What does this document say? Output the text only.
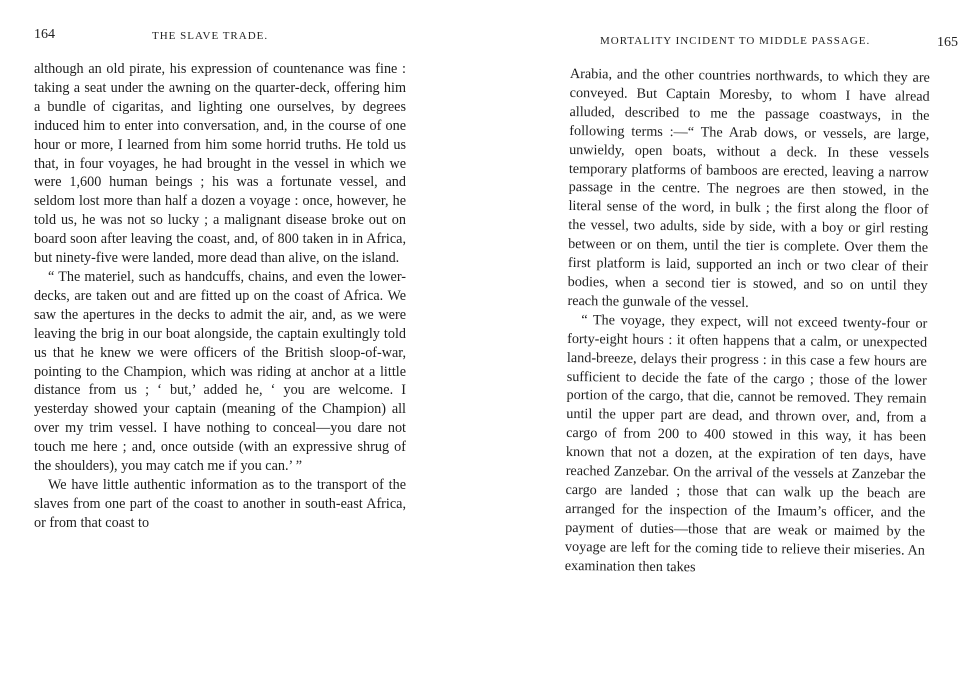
164	THE SLAVE TRADE.

although an old pirate, his expression of countenance was fine : taking a seat under the awning on the quarter-deck, offering him a bundle of cigaritas, and lighting one ourselves, by degrees induced him to enter into conversation, and, in the course of one hour or more, I learned from him some horrid truths. He told us that, in four voyages, he had brought in the vessel in which we were 1,600 human beings ; his was a fortunate vessel, and seldom lost more than half a dozen a voyage : once, however, he told us, he was not so lucky ; a malignant disease broke out on board soon after leaving the coast, and, of 800 taken in in Africa, but ninety-five were landed, more dead than alive, on the island.

“ The materiel, such as handcuffs, chains, and even the lower-decks, are taken out and are fitted up on the coast of Africa. We saw the apertures in the decks to admit the air, and, as we were leaving the brig in our boat alongside, the captain exultingly told us that he knew we were officers of the British sloop-of-war, pointing to the Champion, which was riding at anchor at a little distance from us ; ‘ but,’ added he, ‘ you are welcome. I yesterday showed your captain (meaning of the Champion) all over my trim vessel. I have nothing to conceal—you dare not touch me here ; and, once outside (with an expressive shrug of the shoulders), you may catch me if you can.’ ”

We have little authentic information as to the transport of the slaves from one part of the coast to another in south-east Africa, or from that coast to

MORTALITY INCIDENT TO MIDDLE PASSAGE.	165

Arabia, and the other countries northwards, to which they are conveyed. But Captain Moresby, to whom I have alread alluded, described to me the passage coastways, in the following terms :—“ The Arab dows, or vessels, are large, unwieldy, open boats, without a deck. In these vessels temporary platforms of bamboos are erected, leaving a narrow passage in the centre. The negroes are then stowed, in the literal sense of the word, in bulk ; the first along the floor of the vessel, two adults, side by side, with a boy or girl resting between or on them, until the tier is complete. Over them the first platform is laid, supported an inch or two clear of their bodies, when a second tier is stowed, and so on until they reach the gunwale of the vessel.

“ The voyage, they expect, will not exceed twenty-four or forty-eight hours : it often happens that a calm, or unexpected land-breeze, delays their progress : in this case a few hours are sufficient to decide the fate of the cargo ; those of the lower portion of the cargo, that die, cannot be removed. They remain until the upper part are dead, and thrown over, and, from a cargo of from 200 to 400 stowed in this way, it has been known that not a dozen, at the expiration of ten days, have reached Zanzebar. On the arrival of the vessels at Zanzebar the cargo are landed ; those that can walk up the beach are arranged for the inspection of the Imaum’s officer, and the payment of duties—those that are weak or maimed by the voyage are left for the coming tide to relieve their miseries. An examination then takes
